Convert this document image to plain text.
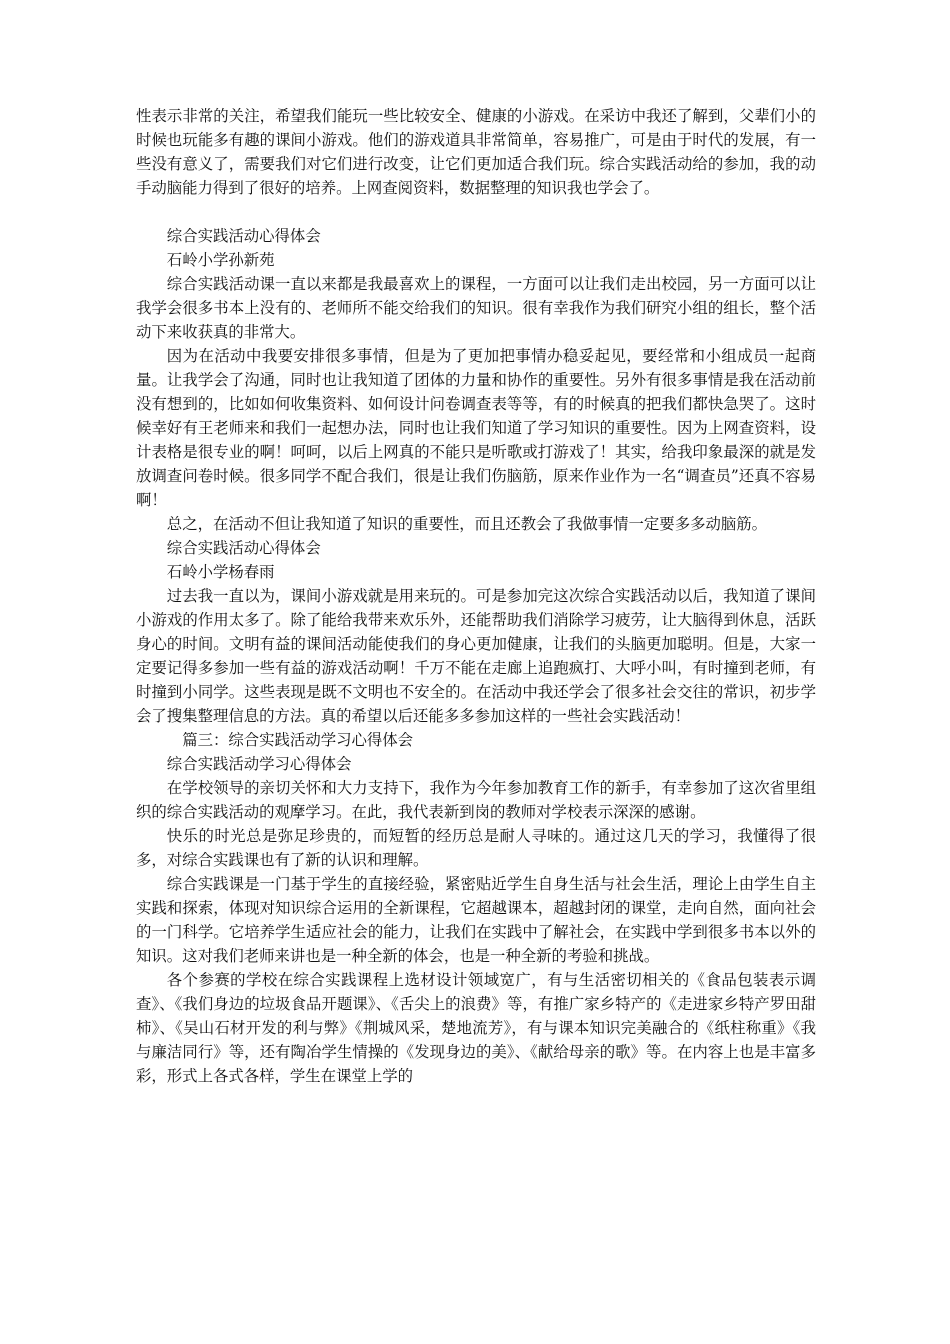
性表示非常的关注，希望我们能玩一些比较安全、健康的小游戏。在采访中我还了解到，父辈们小的时候也玩能多有趣的课间小游戏。他们的游戏道具非常简单，容易推广，可是由于时代的发展，有一些没有意义了，需要我们对它们进行改变，让它们更加适合我们玩。综合实践活动给的参加，我的动手动脑能力得到了很好的培养。上网查阅资料，数据整理的知识我也学会了。

综合实践活动心得体会

石岭小学孙新苑

综合实践活动课一直以来都是我最喜欢上的课程，一方面可以让我们走出校园，另一方面可以让我学会很多书本上没有的、老师所不能交给我们的知识。很有幸我作为我们研究小组的组长，整个活动下来收获真的非常大。

因为在活动中我要安排很多事情，但是为了更加把事情办稳妥起见，要经常和小组成员一起商量。让我学会了沟通，同时也让我知道了团体的力量和协作的重要性。另外有很多事情是我在活动前没有想到的，比如如何收集资料、如何设计问卷调查表等等，有的时候真的把我们都快急哭了。这时候幸好有王老师来和我们一起想办法，同时也让我们知道了学习知识的重要性。因为上网查资料，设计表格是很专业的啊！呵呵，以后上网真的不能只是听歌或打游戏了！其实，给我印象最深的就是发放调查问卷时候。很多同学不配合我们，很是让我们伤脑筋，原来作业作为一名“调查员”还真不容易啊！

总之，在活动不但让我知道了知识的重要性，而且还教会了我做事情一定要多多动脑筋。

综合实践活动心得体会

石岭小学杨春雨

过去我一直以为，课间小游戏就是用来玩的。可是参加完这次综合实践活动以后，我知道了课间小游戏的作用太多了。除了能给我带来欢乐外，还能帮助我们消除学习疲劳，让大脑得到休息，活跃身心的时间。文明有益的课间活动能使我们的身心更加健康，让我们的头脑更加聪明。但是，大家一定要记得多参加一些有益的游戏活动啊！千万不能在走廊上追跑疯打、大呼小叫，有时撞到老师，有时撞到小同学。这些表现是既不文明也不安全的。在活动中我还学会了很多社会交往的常识，初步学会了搜集整理信息的方法。真的希望以后还能多多参加这样的一些社会实践活动！

篇三：综合实践活动学习心得体会

综合实践活动学习心得体会

在学校领导的亲切关怀和大力支持下，我作为今年参加教育工作的新手，有幸参加了这次省里组织的综合实践活动的观摩学习。在此，我代表新到岗的教师对学校表示深深的感谢。

快乐的时光总是弥足珍贵的，而短暂的经历总是耐人寻味的。通过这几天的学习，我懂得了很多，对综合实践课也有了新的认识和理解。

综合实践课是一门基于学生的直接经验，紧密贴近学生自身生活与社会生活，理论上由学生自主实践和探索，体现对知识综合运用的全新课程，它超越课本，超越封闭的课堂，走向自然，面向社会的一门科学。它培养学生适应社会的能力，让我们在实践中了解社会，在实践中学到很多书本以外的知识。这对我们老师来讲也是一种全新的体会，也是一种全新的考验和挑战。

各个参赛的学校在综合实践课程上选材设计领域宽广，有与生活密切相关的《食品包装表示调查》、《我们身边的垃圾食品开题课》、《舌尖上的浪费》等，有推广家乡特产的《走进家乡特产罗田甜柿》、《吴山石材开发的利与弊》《荆城风采，楚地流芳》，有与课本知识完美融合的《纸柱称重》《我与廉洁同行》等，还有陶冶学生情操的《发现身边的美》、《献给母亲的歌》等。在内容上也是丰富多彩，形式上各式各样，学生在课堂上学的
